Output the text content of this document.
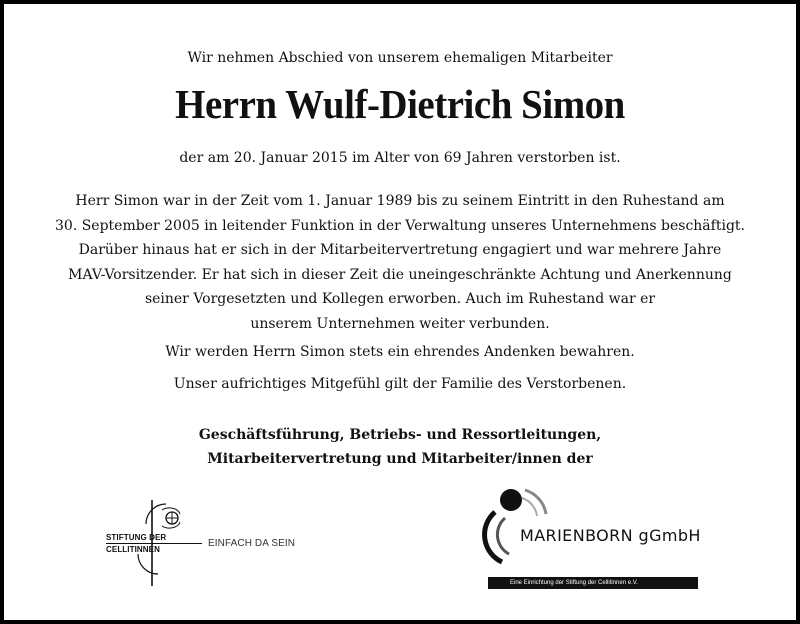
Wir nehmen Abschied von unserem ehemaligen Mitarbeiter
Herrn Wulf-Dietrich Simon
der am 20. Januar 2015 im Alter von 69 Jahren verstorben ist.
Herr Simon war in der Zeit vom 1. Januar 1989 bis zu seinem Eintritt in den Ruhestand am
30. September 2005 in leitender Funktion in der Verwaltung unseres Unternehmens beschäftigt.
Darüber hinaus hat er sich in der Mitarbeitervertretung engagiert und war mehrere Jahre
MAV-Vorsitzender. Er hat sich in dieser Zeit die uneingeschränkte Achtung und Anerkennung
seiner Vorgesetzten und Kollegen erworben. Auch im Ruhestand war er
unserem Unternehmen weiter verbunden.
Wir werden Herrn Simon stets ein ehrendes Andenken bewahren.
Unser aufrichtiges Mitgefühl gilt der Familie des Verstorbenen.
Geschäftsführung, Betriebs- und Ressortleitungen,
Mitarbeitervertretung und Mitarbeiter/innen der
STIFTUNG DER
CELLITINNEN
EINFACH DA SEIN	MARIENBORN gGmbH
Eine Einrichtung der Stiftung der Cellitinnen e.V.
